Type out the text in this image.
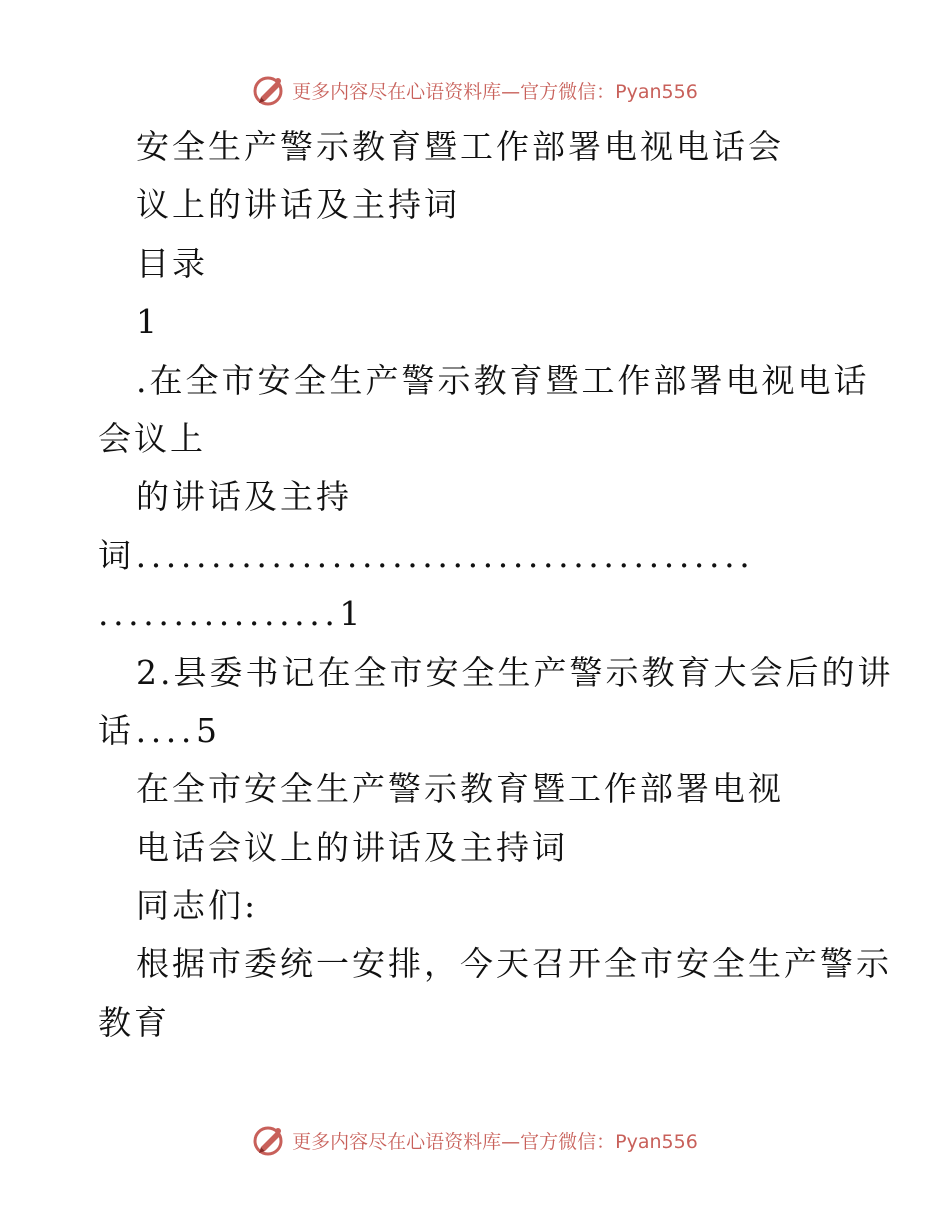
更多内容尽在心语资料库—官方微信：Pyan556
安全生产警示教育暨工作部署电视电话会
议上的讲话及主持词
目录
1
.在全市安全生产警示教育暨工作部署电视电话
会议上
的讲话及主持
词.........................................
................1
2.县委书记在全市安全生产警示教育大会后的讲
话....5
在全市安全生产警示教育暨工作部署电视
电话会议上的讲话及主持词
同志们:
根据市委统一安排，今天召开全市安全生产警示
教育
更多内容尽在心语资料库—官方微信：Pyan556
